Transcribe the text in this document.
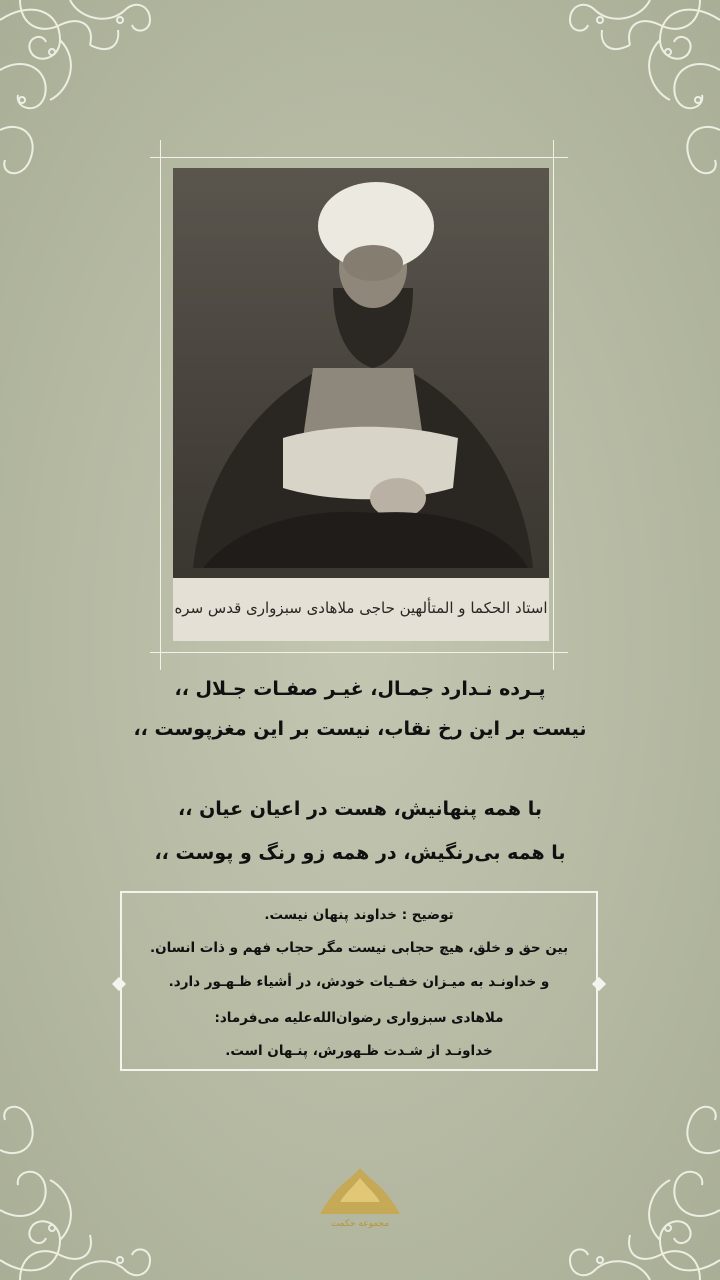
استاد الحکما و المتألهین حاجی ملاهادی سبزواری قدس سره
پـرده نـدارد جمـال، غیـر صفـات جـلال ،،
نیست بر این رخ نقاب، نیست بر این مغزپوست ،،
با همه پنهانیش، هست در اعیان عیان ،،
با همه بی‌رنگیش، در همه زو رنگ و پوست ،،
توضیح : خداوند پنهان نیست.
بین حق و خلق، هیچ حجابی نیست مگر حجاب فهم و ذات انسان.
و خداونـد به میـزان خفـیات خودش، در أشیاء ظـهـور دارد.
ملاهادی سبزواری رضوان‌الله‌علیه می‌فرماد:
خداونـد از شـدت ظـهورش، پنـهان است.
مجموعه حکمت
